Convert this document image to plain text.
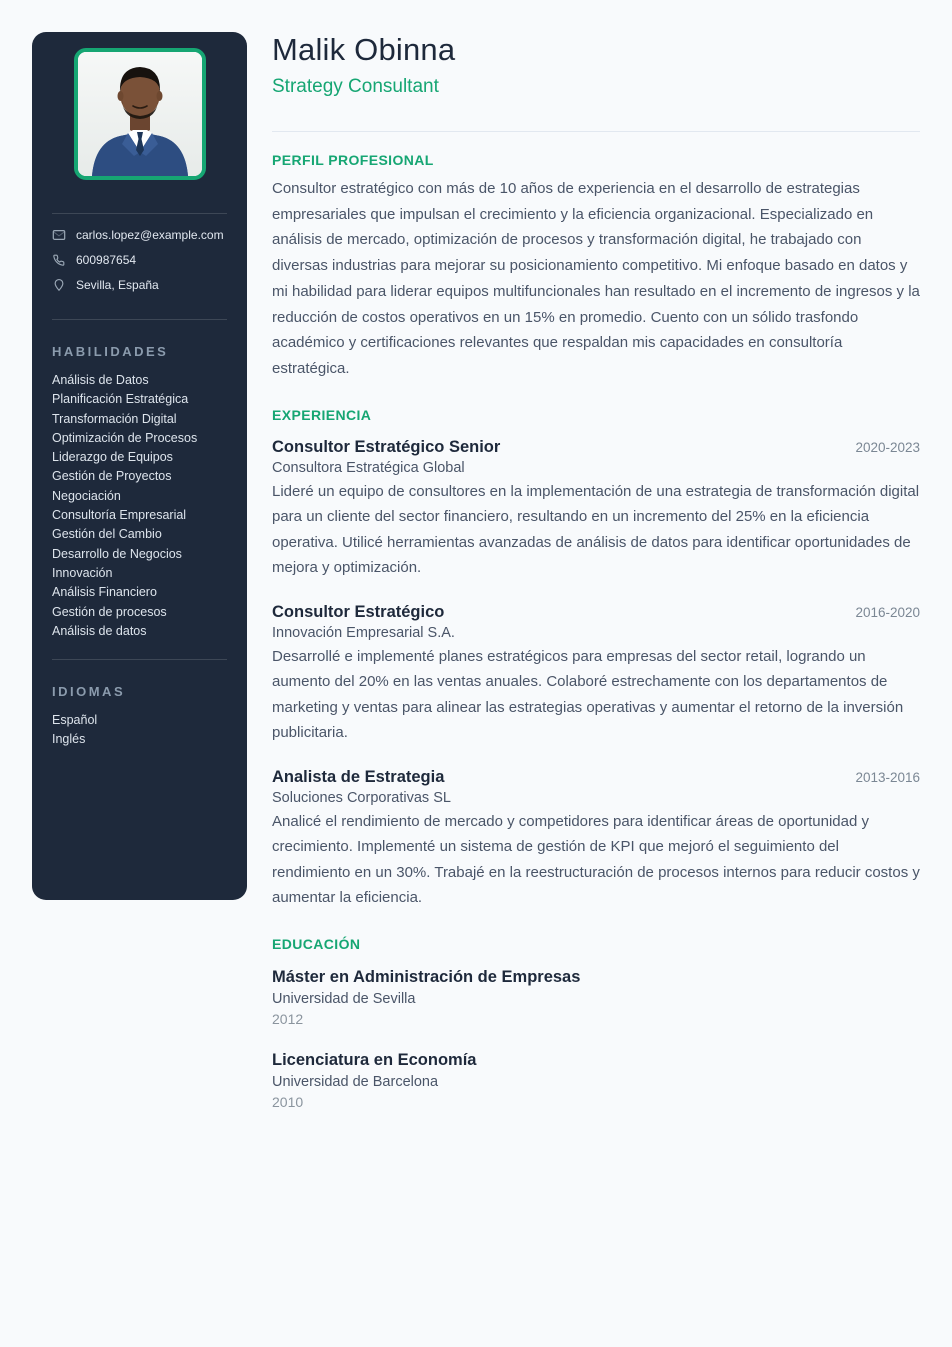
carlos.lopez@example.com
600987654
Sevilla, España
HABILIDADES
Análisis de Datos
Planificación Estratégica
Transformación Digital
Optimización de Procesos
Liderazgo de Equipos
Gestión de Proyectos
Negociación
Consultoría Empresarial
Gestión del Cambio
Desarrollo de Negocios
Innovación
Análisis Financiero
Gestión de procesos
Análisis de datos
IDIOMAS
Español
Inglés
Malik Obinna
Strategy Consultant
PERFIL PROFESIONAL

Consultor estratégico con más de 10 años de experiencia en el desarrollo de estrategias empresariales que impulsan el crecimiento y la eficiencia organizacional. Especializado en análisis de mercado, optimización de procesos y transformación digital, he trabajado con diversas industrias para mejorar su posicionamiento competitivo. Mi enfoque basado en datos y mi habilidad para liderar equipos multifuncionales han resultado en el incremento de ingresos y la reducción de costos operativos en un 15% en promedio. Cuento con un sólido trasfondo académico y certificaciones relevantes que respaldan mis capacidades en consultoría estratégica.

EXPERIENCIA
Consultor Estratégico Senior	2020-2023

Consultora Estratégica Global

Lideré un equipo de consultores en la implementación de una estrategia de transformación digital para un cliente del sector financiero, resultando en un incremento del 25% en la eficiencia operativa. Utilicé herramientas avanzadas de análisis de datos para identificar oportunidades de mejora y optimización.

Consultor Estratégico	2016-2020

Innovación Empresarial S.A.

Desarrollé e implementé planes estratégicos para empresas del sector retail, logrando un aumento del 20% en las ventas anuales. Colaboré estrechamente con los departamentos de marketing y ventas para alinear las estrategias operativas y aumentar el retorno de la inversión publicitaria.

Analista de Estrategia	2013-2016

Soluciones Corporativas SL

Analicé el rendimiento de mercado y competidores para identificar áreas de oportunidad y crecimiento. Implementé un sistema de gestión de KPI que mejoró el seguimiento del rendimiento en un 30%. Trabajé en la reestructuración de procesos internos para reducir costos y aumentar la eficiencia.

EDUCACIÓN
Máster en Administración de Empresas

Universidad de Sevilla

2012

Licenciatura en Economía

Universidad de Barcelona

2010
